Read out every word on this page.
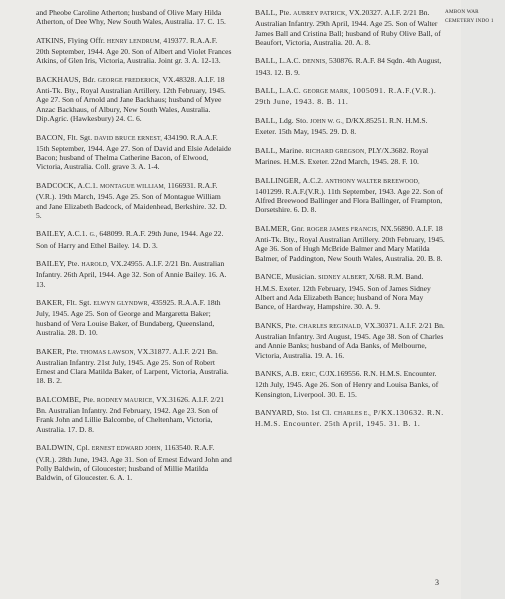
and Pheobe Caroline Atherton; husband of Olive Mary Hilda Atherton, of Dee Why, New South Wales, Australia. 17. C. 15.

ATKINS, Flying Offr. HENRY LENDRUM, 419377. R.A.A.F. 20th September, 1944. Age 20. Son of Albert and Violet Frances Atkins, of Glen Iris, Victoria, Australia. Joint gr. 3. A. 12-13.

BACKHAUS, Bdr. GEORGE FREDERICK, VX.48328. A.I.F. 18 Anti-Tk. Bty., Royal Australian Artillery. 12th February, 1945. Age 27. Son of Arnold and Jane Backhaus; husband of Myee Anzac Backhaus, of Albury, New South Wales, Australia. Dip.Agric. (Hawkesbury) 24. C. 6.

BACON, Flt. Sgt. DAVID BRUCE ERNEST, 434190. R.A.A.F. 15th September, 1944. Age 27. Son of David and Elsie Adelaide Bacon; husband of Thelma Catherine Bacon, of Elwood, Victoria, Australia. Coll. grave 3. A. 1-4.

BADCOCK, A.C.1. MONTAGUE WILLIAM, 1166931. R.A.F.(V.R.). 19th March, 1945. Age 25. Son of Montague William and Jane Elizabeth Badcock, of Maidenhead, Berkshire. 32. D. 5.

BAILEY, A.C.1. G., 648099. R.A.F. 29th June, 1944. Age 22. Son of Harry and Ethel Bailey. 14. D. 3.

BAILEY, Pte. HAROLD, VX.24955. A.I.F. 2/21 Bn. Australian Infantry. 26th April, 1944. Age 32. Son of Annie Bailey. 16. A. 13.

BAKER, Flt. Sgt. ELWYN GLYNDWR, 435925. R.A.A.F. 18th July, 1945. Age 25. Son of George and Margaretta Baker; husband of Vera Louise Baker, of Bundaberg, Queensland, Australia. 28. D. 10.

BAKER, Pte. THOMAS LAWSON, VX.31877. A.I.F. 2/21 Bn. Australian Infantry. 21st July, 1945. Age 25. Son of Robert Ernest and Clara Matilda Baker, of Larpent, Victoria, Australia. 18. B. 2.

BALCOMBE, Pte. RODNEY MAURICE, VX.31626. A.I.F. 2/21 Bn. Australian Infantry. 2nd February, 1942. Age 23. Son of Frank John and Lillie Balcombe, of Cheltenham, Victoria, Australia. 17. D. 8.

BALDWIN, Cpl. ERNEST EDWARD JOHN, 1163540. R.A.F.(V.R.). 28th June, 1943. Age 31. Son of Ernest Edward John and Polly Baldwin, of Gloucester; husband of Millie Matilda Baldwin, of Gloucester. 6. A. 1.

BALL, Pte. AUBREY PATRICK, VX.20327. A.I.F. 2/21 Bn. Australian Infantry. 29th April, 1944. Age 25. Son of Walter James Ball and Cristina Ball; husband of Ruby Olive Ball, of Beaufort, Victoria, Australia. 20. A. 8.

AMBON WAR CEMETERY INDO 1

BALL, L.A.C. DENNIS, 530876. R.A.F. 84 Sqdn. 4th August, 1943. 12. B. 9.

BALL, L.A.C. GEORGE MARK, 1005091. R.A.F.(V.R.). 29th June, 1943. 8. B. 11.

BALL, Ldg. Sto. JOHN W. G., D/KX.85251. R.N. H.M.S. Exeter. 15th May, 1945. 29. D. 8.

BALL, Marine. RICHARD GREGSON, PLY/X.3682. Royal Marines. H.M.S. Exeter. 22nd March, 1945. 28. F. 10.

BALLINGER, A.C.2. ANTHONY WALTER BREEWOOD, 1401299. R.A.F.(V.R.). 11th September, 1943. Age 22. Son of Alfred Breewood Ballinger and Flora Ballinger, of Frampton, Dorsetshire. 6. D. 8.

BALMER, Gnr. ROGER JAMES FRANCIS, NX.56890. A.I.F. 18 Anti-Tk. Bty., Royal Australian Artillery. 20th February, 1945. Age 36. Son of Hugh McBride Balmer and Mary Matilda Balmer, of Paddington, New South Wales, Australia. 20. B. 8.

BANCE, Musician. SIDNEY ALBERT, X/68. R.M. Band. H.M.S. Exeter. 12th February, 1945. Son of James Sidney Albert and Ada Elizabeth Bance; husband of Nora May Bance, of Hardway, Hampshire. 30. A. 9.

BANKS, Pte. CHARLES REGINALD, VX.30371. A.I.F. 2/21 Bn. Australian Infantry. 3rd August, 1945. Age 38. Son of Charles and Annie Banks; husband of Ada Banks, of Melbourne, Victoria, Australia. 19. A. 16.

BANKS, A.B. ERIC, C/JX.169556. R.N. H.M.S. Encounter. 12th July, 1945. Age 26. Son of Henry and Louisa Banks, of Kensington, Liverpool. 30. E. 15.

BANYARD, Sto. 1st Cl. CHARLES E., P/KX.130632. R.N. H.M.S. Encounter. 25th April, 1945. 31. B. 1.

3
